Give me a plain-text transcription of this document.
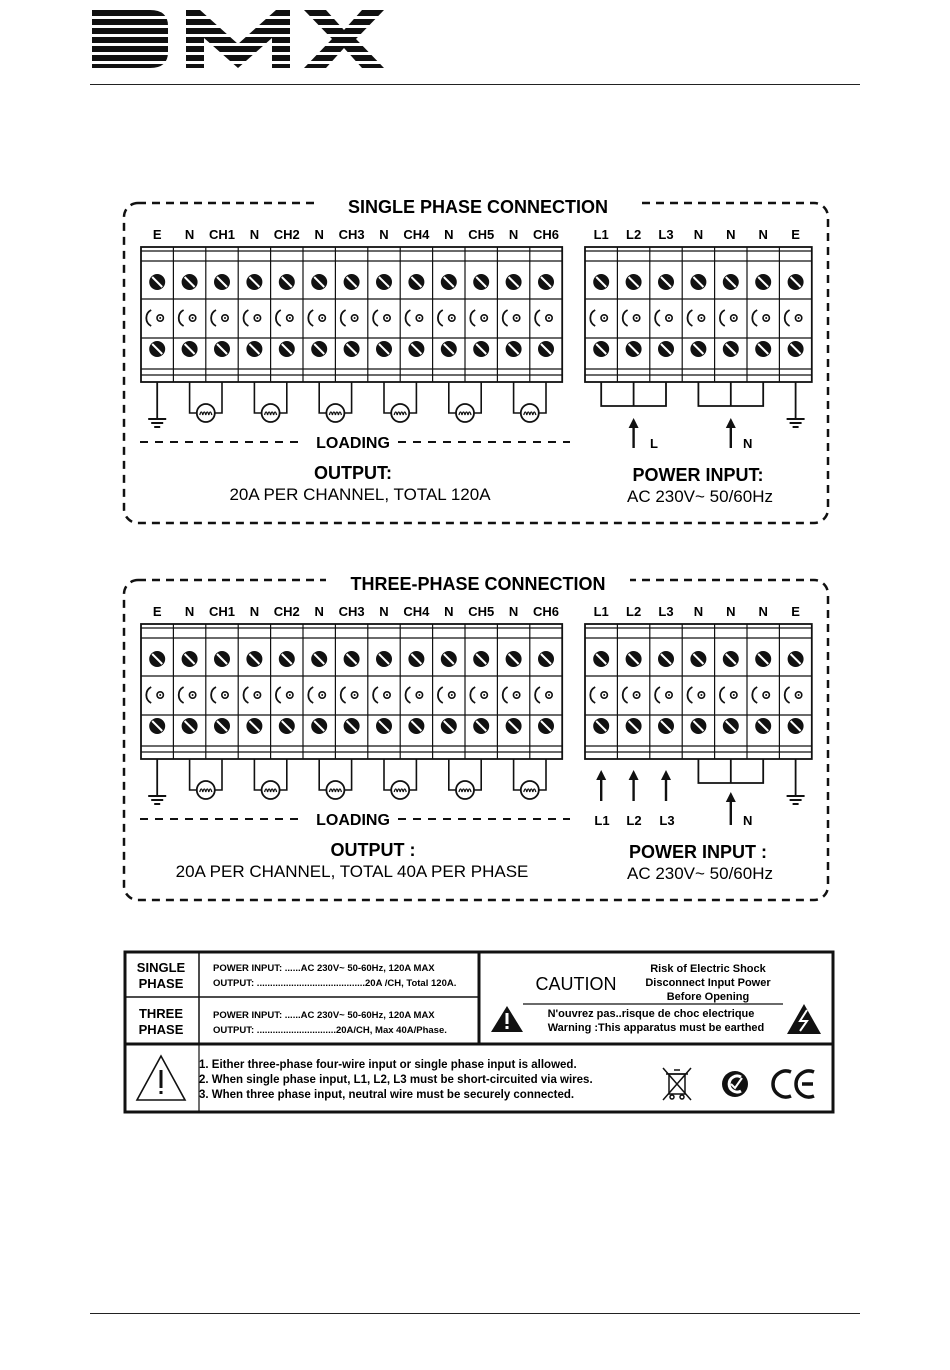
SINGLE PHASE CONNECTION
E N CH1 N CH2 N CH3 N CH4 N CH5 N CH6	L1 L2 L3 N N N E
LOADING
OUTPUT:
20A PER CHANNEL, TOTAL 120A
POWER INPUT:
AC 230V~ 50/60Hz
L	N
THREE-PHASE CONNECTION
E N CH1 N CH2 N CH3 N CH4 N CH5 N CH6	L1 L2 L3 N N N E
LOADING
OUTPUT :
20A PER CHANNEL, TOTAL 40A PER PHASE
POWER INPUT :
AC 230V~ 50/60Hz
L1 L2 L3	N
SINGLE
PHASE
POWER INPUT: ......AC 230V~ 50-60Hz, 120A MAX
OUTPUT: .........................................20A /CH, Total 120A.
THREE
PHASE
POWER INPUT: ......AC 230V~ 50-60Hz, 120A MAX
OUTPUT: ..............................20A/CH, Max 40A/Phase.
CAUTION
Risk of Electric Shock
Disconnect Input Power
Before Opening
N'ouvrez pas..risque de choc electrique
Warning :This apparatus must be earthed
1. Either three-phase four-wire input or single phase input is allowed.
2. When single phase input, L1, L2, L3 must be short-circuited via wires.
3. When three phase input, neutral wire must be securely connected.
